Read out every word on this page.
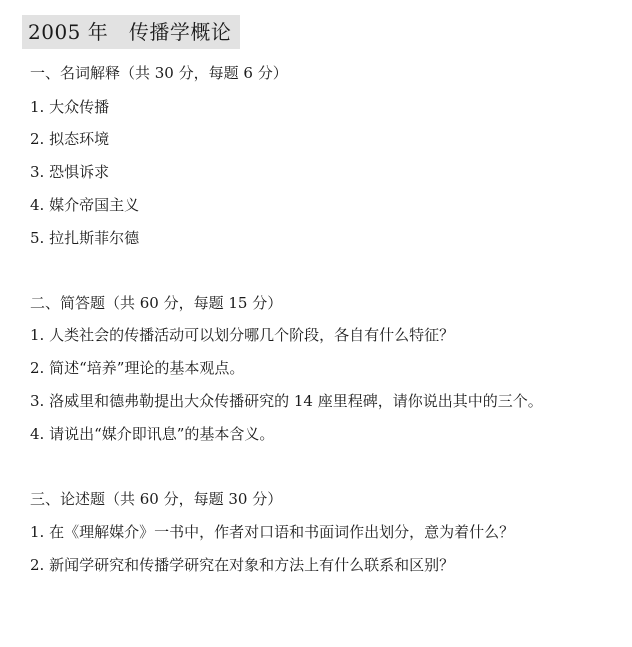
2005 年   传播学概论
一、名词解释（共 30 分，每题 6 分）
1. 大众传播
2. 拟态环境
3. 恐惧诉求
4. 媒介帝国主义
5. 拉扎斯菲尔德
二、简答题（共 60 分，每题 15 分）
1. 人类社会的传播活动可以划分哪几个阶段，各自有什么特征？
2. 简述“培养”理论的基本观点。
3. 洛威里和德弗勒提出大众传播研究的 14 座里程碑，请你说出其中的三个。
4. 请说出“媒介即讯息”的基本含义。
三、论述题（共 60 分，每题 30 分）
1. 在《理解媒介》一书中，作者对口语和书面词作出划分，意为着什么？
2. 新闻学研究和传播学研究在对象和方法上有什么联系和区别？
